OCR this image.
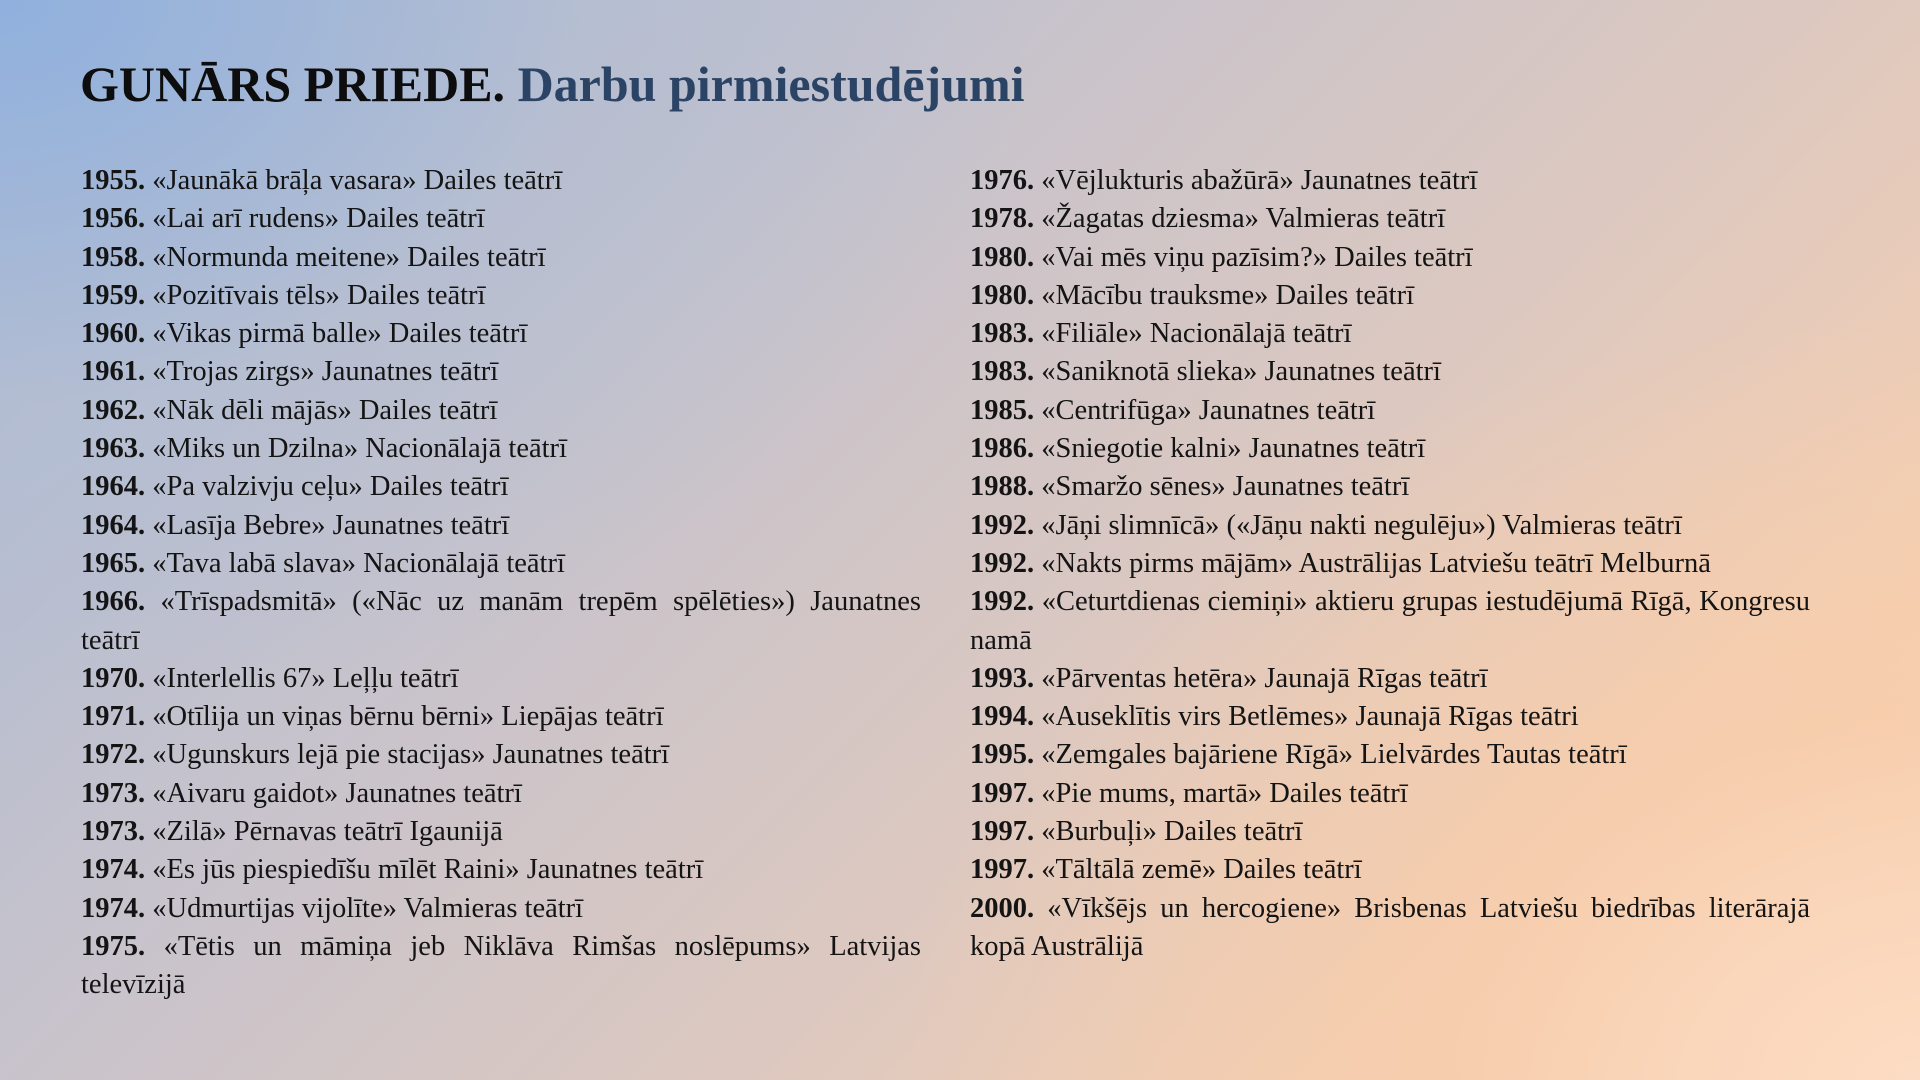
GUNĀRS PRIEDE. Darbu pirmiestudējumi
1955. «Jaunākā brāļa vasara» Dailes teātrī
1956. «Lai arī rudens» Dailes teātrī
1958. «Normunda meitene» Dailes teātrī
1959. «Pozitīvais tēls» Dailes teātrī
1960. «Vikas pirmā balle» Dailes teātrī
1961. «Trojas zirgs» Jaunatnes teātrī
1962. «Nāk dēli mājās» Dailes teātrī
1963. «Miks un Dzilna» Nacionālajā teātrī
1964. «Pa valzivju ceļu» Dailes teātrī
1964. «Lasīja Bebre» Jaunatnes teātrī
1965. «Tava labā slava» Nacionālajā teātrī
1966. «Trīspadsmitā» («Nāc uz manām trepēm spēlēties») Jaunatnes teātrī
1970. «Interlellis 67» Leļļu teātrī
1971. «Otīlija un viņas bērnu bērni» Liepājas teātrī
1972. «Ugunskurs lejā pie stacijas» Jaunatnes teātrī
1973. «Aivaru gaidot» Jaunatnes teātrī
1973. «Zilā» Pērnavas teātrī Igaunijā
1974. «Es jūs piespiedīšu mīlēt Raini» Jaunatnes teātrī
1974. «Udmurtijas vijolīte» Valmieras teātrī
1975. «Tētis un māmiņa jeb Niklāva Rimšas noslēpums» Latvijas televīzijā
1976. «Vējlukturis abažūrā» Jaunatnes teātrī
1978. «Žagatas dziesma» Valmieras teātrī
1980. «Vai mēs viņu pazīsim?» Dailes teātrī
1980. «Mācību trauksme» Dailes teātrī
1983. «Filiāle» Nacionālajā teātrī
1983. «Saniknotā slieka» Jaunatnes teātrī
1985. «Centrifūga» Jaunatnes teātrī
1986. «Sniegotie kalni» Jaunatnes teātrī
1988. «Smaržo sēnes» Jaunatnes teātrī
1992. «Jāņi slimnīcā» («Jāņu nakti negulēju») Valmieras teātrī
1992. «Nakts pirms mājām» Austrālijas Latviešu teātrī Melburnā
1992. «Ceturtdienas ciemiņi» aktieru grupas iestudējumā Rīgā, Kongresu namā
1993. «Pārventas hetēra» Jaunajā Rīgas teātrī
1994. «Auseklītis virs Betlēmes» Jaunajā Rīgas teātri
1995. «Zemgales bajāriene Rīgā» Lielvārdes Tautas teātrī
1997. «Pie mums, martā» Dailes teātrī
1997. «Burbuļi» Dailes teātrī
1997. «Tāltālā zemē» Dailes teātrī
2000. «Vīkšējs un hercogiene» Brisbenas Latviešu biedrības literārajā kopā Austrālijā
